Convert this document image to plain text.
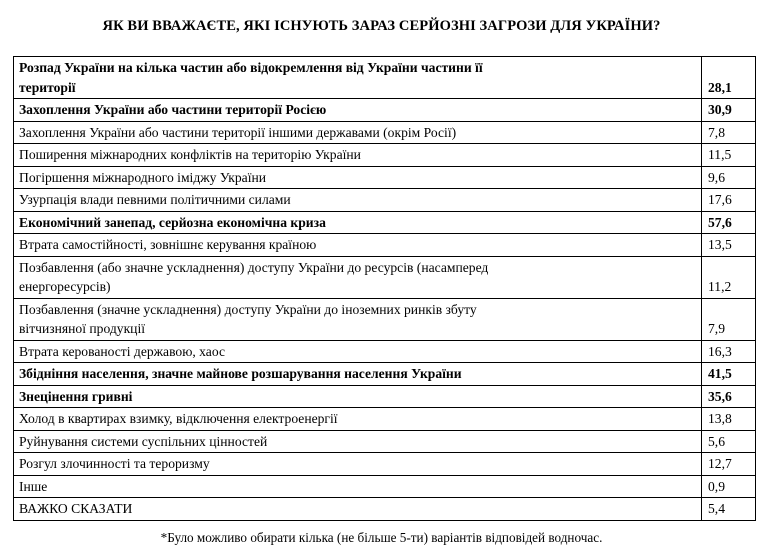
ЯК ВИ ВВАЖАЄТЕ, ЯКІ ІСНУЮТЬ ЗАРАЗ СЕРЙОЗНІ ЗАГРОЗИ ДЛЯ УКРАЇНИ?
Розпад України на кілька частин або відокремлення від України частини її
території	28,1
Захоплення України або частини території Росією	30,9
Захоплення України або частини території іншими державами (окрім Росії)	7,8
Поширення міжнародних конфліктів на територію України	11,5
Погіршення міжнародного іміджу України	9,6
Узурпація влади певними політичними силами	17,6
Економічний занепад, серйозна економічна криза	57,6
Втрата самостійності, зовнішнє керування країною	13,5
Позбавлення (або значне ускладнення) доступу України до ресурсів (насамперед
енергоресурсів)	11,2
Позбавлення (значне ускладнення) доступу України до іноземних ринків збуту
вітчизняної продукції	7,9
Втрата керованості державою, хаос	16,3
Збідніння населення, значне майнове розшарування населення України	41,5
Знецінення гривні	35,6
Холод в квартирах взимку, відключення електроенергії	13,8
Руйнування системи суспільних цінностей	5,6
Розгул злочинності та тероризму	12,7
Інше	0,9
ВАЖКО СКАЗАТИ	5,4
*Було можливо обирати кілька (не більше 5-ти) варіантів відповідей водночас.
